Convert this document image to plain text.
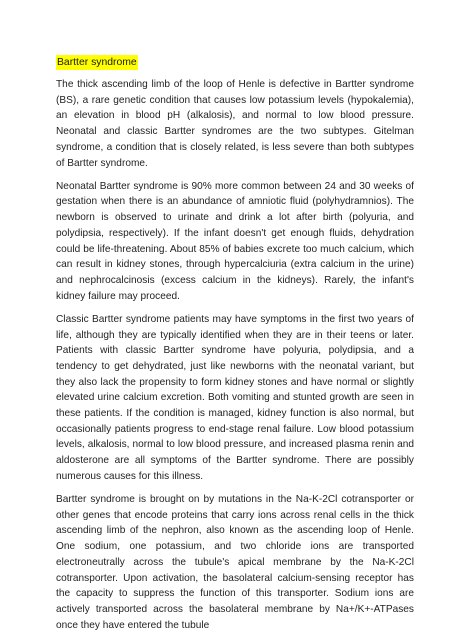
Bartter syndrome

The thick ascending limb of the loop of Henle is defective in Bartter syndrome (BS), a rare genetic condition that causes low potassium levels (hypokalemia), an elevation in blood pH (alkalosis), and normal to low blood pressure. Neonatal and classic Bartter syndromes are the two subtypes. Gitelman syndrome, a condition that is closely related, is less severe than both subtypes of Bartter syndrome.

Neonatal Bartter syndrome is 90% more common between 24 and 30 weeks of gestation when there is an abundance of amniotic fluid (polyhydramnios). The newborn is observed to urinate and drink a lot after birth (polyuria, and polydipsia, respectively). If the infant doesn't get enough fluids, dehydration could be life-threatening. About 85% of babies excrete too much calcium, which can result in kidney stones, through hypercalciuria (extra calcium in the urine) and nephrocalcinosis (excess calcium in the kidneys). Rarely, the infant's kidney failure may proceed.

Classic Bartter syndrome patients may have symptoms in the first two years of life, although they are typically identified when they are in their teens or later. Patients with classic Bartter syndrome have polyuria, polydipsia, and a tendency to get dehydrated, just like newborns with the neonatal variant, but they also lack the propensity to form kidney stones and have normal or slightly elevated urine calcium excretion. Both vomiting and stunted growth are seen in these patients. If the condition is managed, kidney function is also normal, but occasionally patients progress to end-stage renal failure. Low blood potassium levels, alkalosis, normal to low blood pressure, and increased plasma renin and aldosterone are all symptoms of the Bartter syndrome. There are possibly numerous causes for this illness.

Bartter syndrome is brought on by mutations in the Na-K-2Cl cotransporter or other genes that encode proteins that carry ions across renal cells in the thick ascending limb of the nephron, also known as the ascending loop of Henle. One sodium, one potassium, and two chloride ions are transported electroneutrally across the tubule's apical membrane by the Na-K-2Cl cotransporter. Upon activation, the basolateral calcium-sensing receptor has the capacity to suppress the function of this transporter. Sodium ions are actively transported across the basolateral membrane by Na+/K+-ATPases once they have entered the tubule
